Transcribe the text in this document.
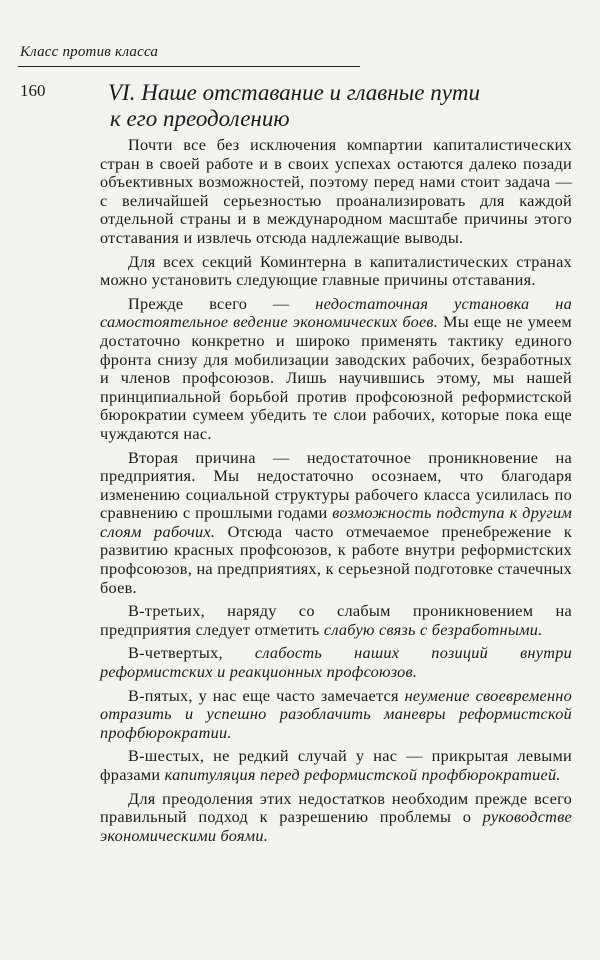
Класс против класса
160	VI. Наше отставание и главные пути
к его преодолению

Почти все без исключения компартии капиталистических стран в своей работе и в своих успехах остаются далеко позади объективных возможностей, поэтому перед нами стоит задача — с величайшей серьезностью проанализировать для каждой отдельной страны и в международном масштабе причины этого отставания и извлечь отсюда надлежащие выводы.

Для всех секций Коминтерна в капиталистических странах можно установить следующие главные причины отставания.

Прежде всего — недостаточная установка на самостоятельное ведение экономических боев. Мы еще не умеем достаточно конкретно и широко применять тактику единого фронта снизу для мобилизации заводских рабочих, безработных и членов профсоюзов. Лишь научившись этому, мы нашей принципиальной борьбой против профсоюзной реформистской бюрократии сумеем убедить те слои рабочих, которые пока еще чуждаются нас.

Вторая причина — недостаточное проникновение на предприятия. Мы недостаточно осознаем, что благодаря изменению социальной структуры рабочего класса усилилась по сравнению с прошлыми годами возможность подступа к другим слоям рабочих. Отсюда часто отмечаемое пренебрежение к развитию красных профсоюзов, к работе внутри реформистских профсоюзов, на предприятиях, к серьезной подготовке стачечных боев.

В-третьих, наряду со слабым проникновением на предприятия следует отметить слабую связь с безработными.

В-четвертых, слабость наших позиций внутри реформистских и реакционных профсоюзов.

В-пятых, у нас еще часто замечается неумение своевременно отразить и успешно разоблачить маневры реформистской профбюрократии.

В-шестых, не редкий случай у нас — прикрытая левыми фразами капитуляция перед реформистской профбюрократией.

Для преодоления этих недостатков необходим прежде всего правильный подход к разрешению проблемы о руководстве экономическими боями.
